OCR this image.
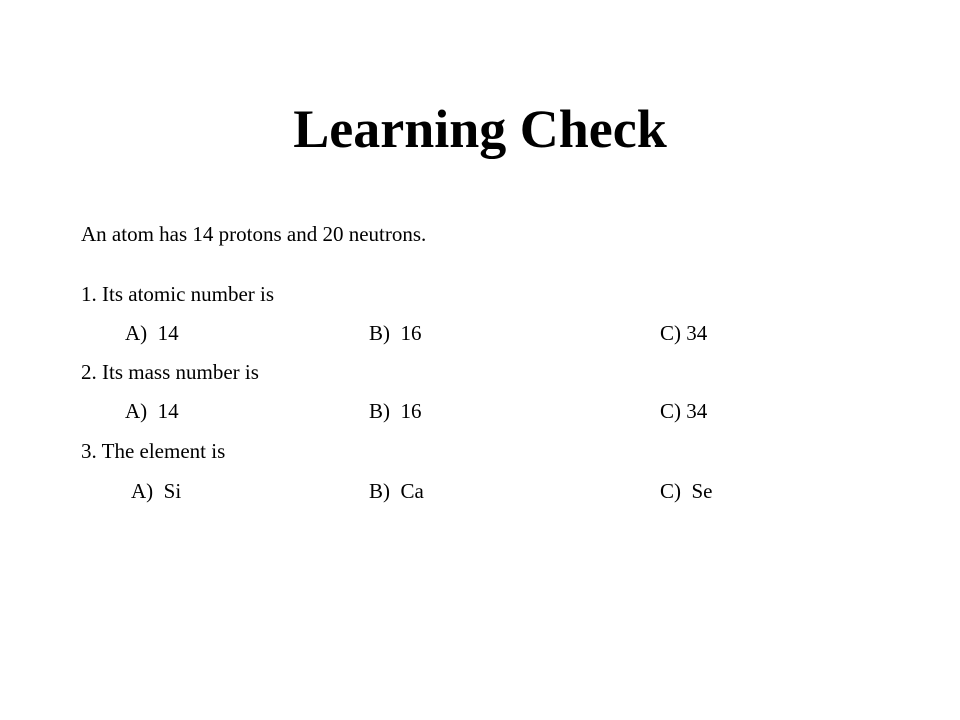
Learning Check
An atom has 14 protons and 20 neutrons.
1. Its atomic number is
A)  14	B)  16	C) 34
2. Its mass number is
A)  14	B)  16	C) 34
3. The element is
A)  Si	B)  Ca	C)  Se
